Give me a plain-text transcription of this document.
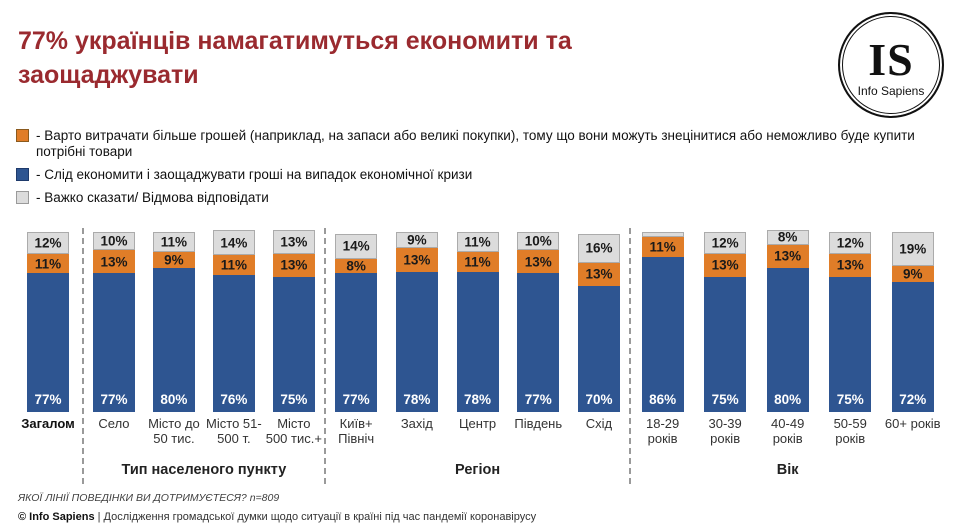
77% українців намагатимуться економити та заощаджувати	IS
Info Sapiens
- Варто витрачати більше грошей (наприклад, на запаси або великі покупки), тому що вони можуть знецінитися або неможливо буде купити потрібні товари
- Слід економити і заощаджувати гроші на випадок економічної кризи
- Важко сказати/ Відмова відповідати
12%
11%
77%
Загалом
10%
13%
77%
11%
9%
80%
14%
11%
76%
13%
13%
75%
Село	Місто до 50 тис.
Місто 51-500 т.
Місто 500 тис.+
Тип населеного пункту
14%
8%
77%
9%
13%
78%
11%
11%
78%
10%
13%
77%
16%
13%
70%
Київ+ Північ
Захід	Центр	Південь	Схід
Регіон
11%
86%
12%
13%
75%
8%
13%
80%
12%
13%
75%
19%
9%
72%
18-29 років
30-39 років
40-49 років
50-59 років
60+ років
Вік
ЯКОЇ ЛІНІЇ ПОВЕДІНКИ ВИ ДОТРИМУЄТЕСЯ? n=809
© Info Sapiens | Дослідження громадської думки щодо ситуації в країні під час пандемії коронавірусу
